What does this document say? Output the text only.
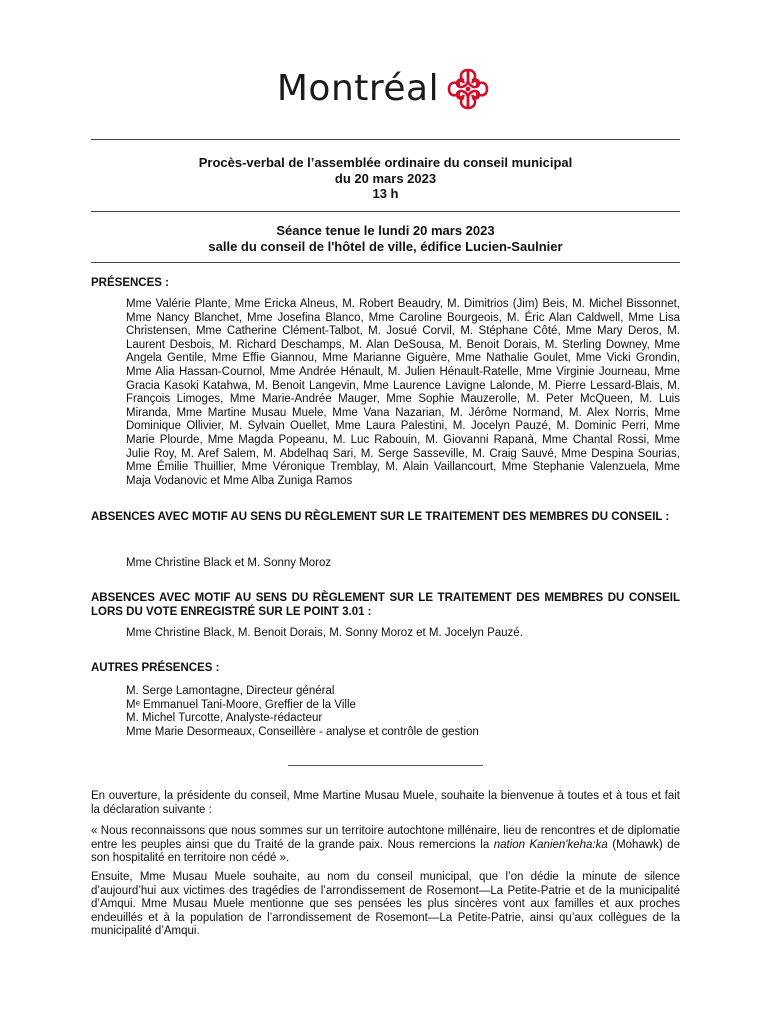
Montréal
Procès-verbal de l’assemblée ordinaire du conseil municipal
du 20 mars 2023
13 h
Séance tenue le lundi 20 mars 2023
salle du conseil de l'hôtel de ville, édifice Lucien-Saulnier
PRÉSENCES :
Mme Valérie Plante, Mme Ericka Alneus, M. Robert Beaudry, M. Dimitrios (Jim) Beis, M. Michel Bissonnet, Mme Nancy Blanchet, Mme Josefina Blanco, Mme Caroline Bourgeois, M. Éric Alan Caldwell, Mme Lisa Christensen, Mme Catherine Clément-Talbot, M. Josué Corvil, M. Stéphane Côté, Mme Mary Deros, M. Laurent Desbois, M. Richard Deschamps, M. Alan DeSousa, M. Benoit Dorais, M. Sterling Downey, Mme Angela Gentile, Mme Effie Giannou, Mme Marianne Giguère, Mme Nathalie Goulet, Mme Vicki Grondin, Mme Alia Hassan-Cournol, Mme Andrée Hénault, M. Julien Hénault-Ratelle, Mme Virginie Journeau, Mme Gracia Kasoki Katahwa, M. Benoit Langevin, Mme Laurence Lavigne Lalonde, M. Pierre Lessard-Blais, M. François Limoges, Mme Marie-Andrée Mauger, Mme Sophie Mauzerolle, M. Peter McQueen, M. Luis Miranda, Mme Martine Musau Muele, Mme Vana Nazarian, M. Jérôme Normand, M. Alex Norris, Mme Dominique Ollivier, M. Sylvain Ouellet, Mme Laura Palestini, M. Jocelyn Pauzé, M. Dominic Perri, Mme Marie Plourde, Mme Magda Popeanu, M. Luc Rabouin, M. Giovanni Rapanà, Mme Chantal Rossi, Mme Julie Roy, M. Aref Salem, M. Abdelhaq Sari, M. Serge Sasseville, M. Craig Sauvé, Mme Despina Sourias, Mme Émilie Thuillier, Mme Véronique Tremblay, M. Alain Vaillancourt, Mme Stephanie Valenzuela, Mme Maja Vodanovic et Mme Alba Zuniga Ramos
ABSENCES AVEC MOTIF AU SENS DU RÈGLEMENT SUR LE TRAITEMENT DES MEMBRES DU CONSEIL :
Mme Christine Black et M. Sonny Moroz
ABSENCES AVEC MOTIF AU SENS DU RÈGLEMENT SUR LE TRAITEMENT DES MEMBRES DU CONSEIL LORS DU VOTE ENREGISTRÉ SUR LE POINT 3.01 :
Mme Christine Black, M. Benoit Dorais, M. Sonny Moroz et M. Jocelyn Pauzé.
AUTRES PRÉSENCES :
M. Serge Lamontagne, Directeur général
Mᵉ Emmanuel Tani-Moore, Greffier de la Ville
M. Michel Turcotte, Analyste-rédacteur
Mme Marie Desormeaux, Conseillère - analyse et contrôle de gestion
En ouverture, la présidente du conseil, Mme Martine Musau Muele, souhaite la bienvenue à toutes et à tous et fait la déclaration suivante :
« Nous reconnaissons que nous sommes sur un territoire autochtone millénaire, lieu de rencontres et de diplomatie entre les peuples ainsi que du Traité de la grande paix. Nous remercions la nation Kanien'keha:ka (Mohawk) de son hospitalité en territoire non cédé ».
Ensuite, Mme Musau Muele souhaite, au nom du conseil municipal, que l’on dédie la minute de silence d’aujourd’hui aux victimes des tragédies de l’arrondissement de Rosemont—La Petite-Patrie et de la municipalité d’Amqui. Mme Musau Muele mentionne que ses pensées les plus sincères vont aux familles et aux proches endeuillés et à la population de l’arrondissement de Rosemont—La Petite-Patrie, ainsi qu’aux collègues de la municipalité d’Amqui.
